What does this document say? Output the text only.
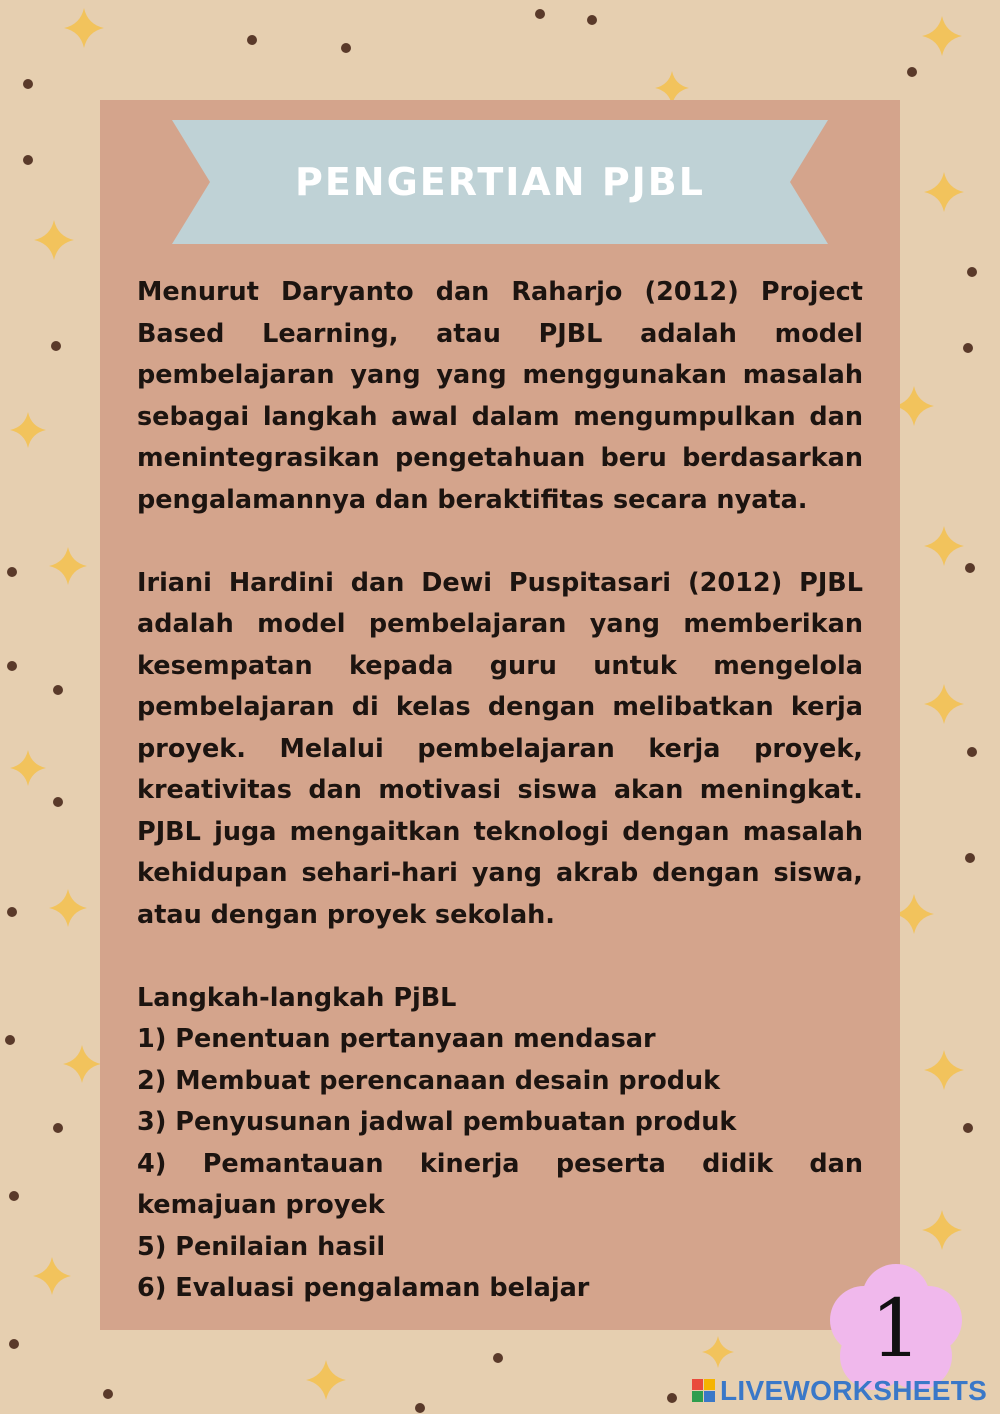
PENGERTIAN PJBL

Menurut Daryanto dan Raharjo (2012) Project Based Learning, atau PJBL adalah model pembelajaran yang yang menggunakan masalah sebagai langkah awal dalam mengumpulkan dan menintegrasikan pengetahuan beru berdasarkan pengalamannya dan beraktifitas secara nyata.

Iriani Hardini dan Dewi Puspitasari (2012) PJBL adalah model pembelajaran yang memberikan kesempatan kepada guru untuk mengelola pembelajaran di kelas dengan melibatkan kerja proyek. Melalui pembelajaran kerja proyek, kreativitas dan motivasi siswa akan meningkat. PJBL juga mengaitkan teknologi dengan masalah kehidupan sehari-hari yang akrab dengan siswa, atau dengan proyek sekolah.

Langkah-langkah PjBL
1) Penentuan pertanyaan mendasar
2) Membuat perencanaan desain produk
3) Penyusunan jadwal pembuatan produk

4) Pemantauan kinerja peserta didik dan kemajuan proyek

5) Penilaian hasil
6) Evaluasi pengalaman belajar	1
LIVEWORKSHEETS
